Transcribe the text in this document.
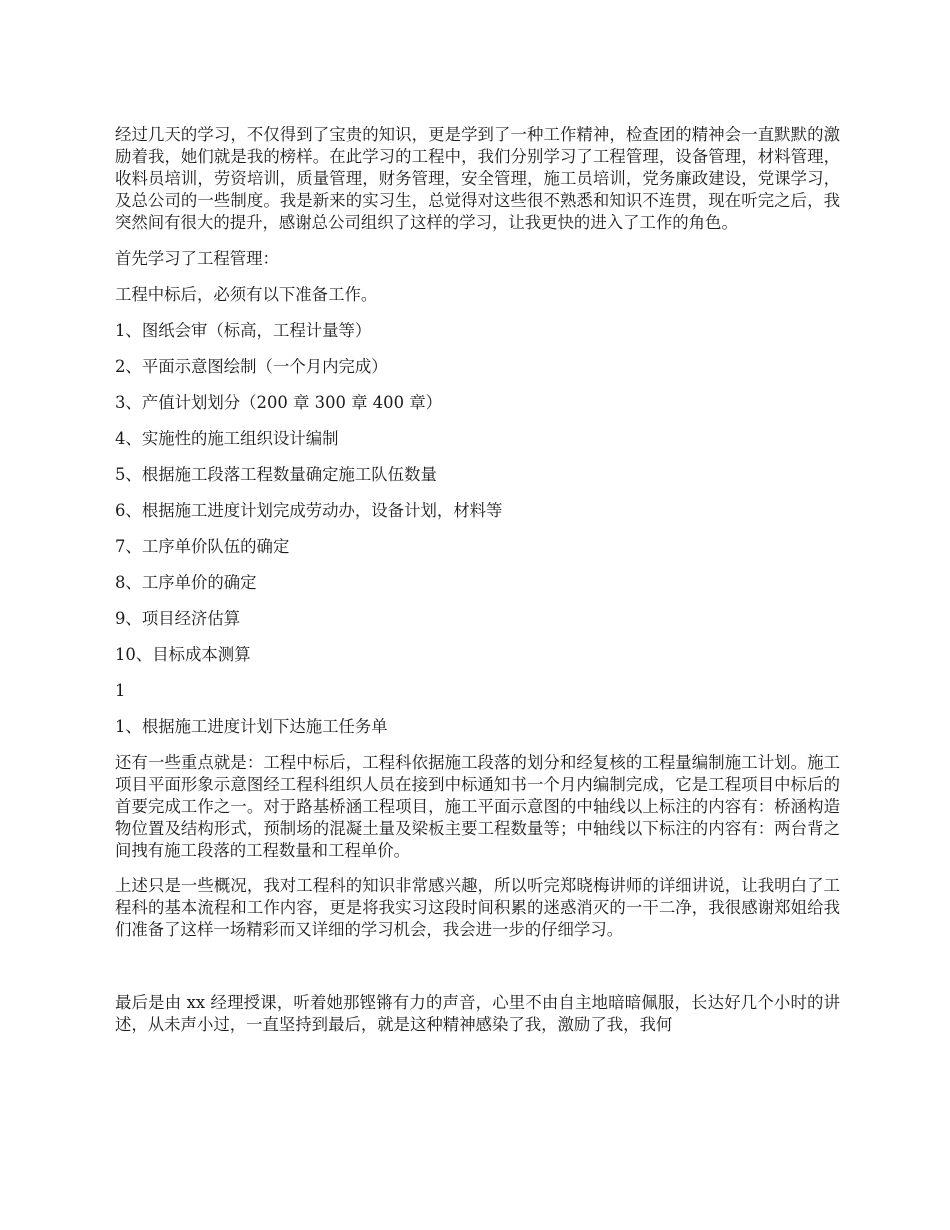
经过几天的学习，不仅得到了宝贵的知识，更是学到了一种工作精神，检查团的精神会一直默默的激励着我，她们就是我的榜样。在此学习的工程中，我们分别学习了工程管理，设备管理，材料管理，收料员培训，劳资培训，质量管理，财务管理，安全管理，施工员培训，党务廉政建设，党课学习，及总公司的一些制度。我是新来的实习生，总觉得对这些很不熟悉和知识不连贯，现在听完之后，我突然间有很大的提升，感谢总公司组织了这样的学习，让我更快的进入了工作的角色。

首先学习了工程管理：

工程中标后，必须有以下准备工作。

1、图纸会审（标高，工程计量等）

2、平面示意图绘制（一个月内完成）

3、产值计划划分（200 章 300 章 400 章）

4、实施性的施工组织设计编制

5、根据施工段落工程数量确定施工队伍数量

6、根据施工进度计划完成劳动办，设备计划，材料等

7、工序单价队伍的确定

8、工序单价的确定

9、项目经济估算

10、目标成本测算

1

1、根据施工进度计划下达施工任务单

还有一些重点就是：工程中标后，工程科依据施工段落的划分和经复核的工程量编制施工计划。施工项目平面形象示意图经工程科组织人员在接到中标通知书一个月内编制完成，它是工程项目中标后的首要完成工作之一。对于路基桥涵工程项目，施工平面示意图的中轴线以上标注的内容有：桥涵构造物位置及结构形式，预制场的混凝土量及梁板主要工程数量等；中轴线以下标注的内容有：两台背之间拽有施工段落的工程数量和工程单价。

上述只是一些概况，我对工程科的知识非常感兴趣，所以听完郑晓梅讲师的详细讲说，让我明白了工程科的基本流程和工作内容，更是将我实习这段时间积累的迷惑消灭的一干二净，我很感谢郑姐给我们准备了这样一场精彩而又详细的学习机会，我会进一步的仔细学习。

最后是由 xx 经理授课，听着她那铿锵有力的声音，心里不由自主地暗暗佩服，长达好几个小时的讲述，从未声小过，一直坚持到最后，就是这种精神感染了我，激励了我，我何
